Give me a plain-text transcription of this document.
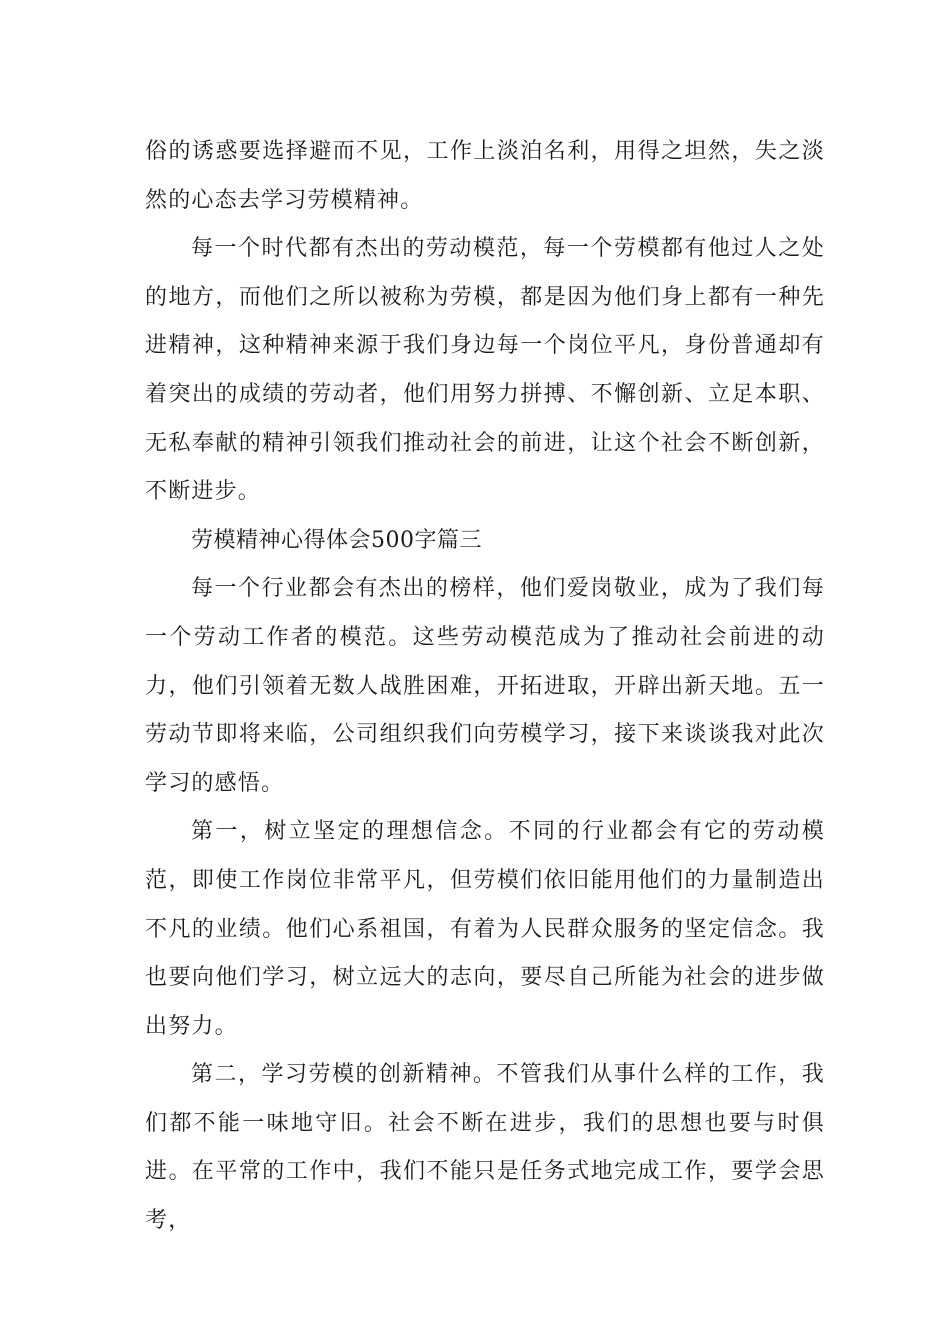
俗的诱惑要选择避而不见，工作上淡泊名利，用得之坦然，失之淡然的心态去学习劳模精神。

每一个时代都有杰出的劳动模范，每一个劳模都有他过人之处的地方，而他们之所以被称为劳模，都是因为他们身上都有一种先进精神，这种精神来源于我们身边每一个岗位平凡，身份普通却有着突出的成绩的劳动者，他们用努力拼搏、不懈创新、立足本职、无私奉献的精神引领我们推动社会的前进，让这个社会不断创新，不断进步。

劳模精神心得体会500字篇三

每一个行业都会有杰出的榜样，他们爱岗敬业，成为了我们每一个劳动工作者的模范。这些劳动模范成为了推动社会前进的动力，他们引领着无数人战胜困难，开拓进取，开辟出新天地。五一劳动节即将来临，公司组织我们向劳模学习，接下来谈谈我对此次学习的感悟。

第一，树立坚定的理想信念。不同的行业都会有它的劳动模范，即使工作岗位非常平凡，但劳模们依旧能用他们的力量制造出不凡的业绩。他们心系祖国，有着为人民群众服务的坚定信念。我也要向他们学习，树立远大的志向，要尽自己所能为社会的进步做出努力。

第二，学习劳模的创新精神。不管我们从事什么样的工作，我们都不能一味地守旧。社会不断在进步，我们的思想也要与时俱进。在平常的工作中，我们不能只是任务式地完成工作，要学会思考，
